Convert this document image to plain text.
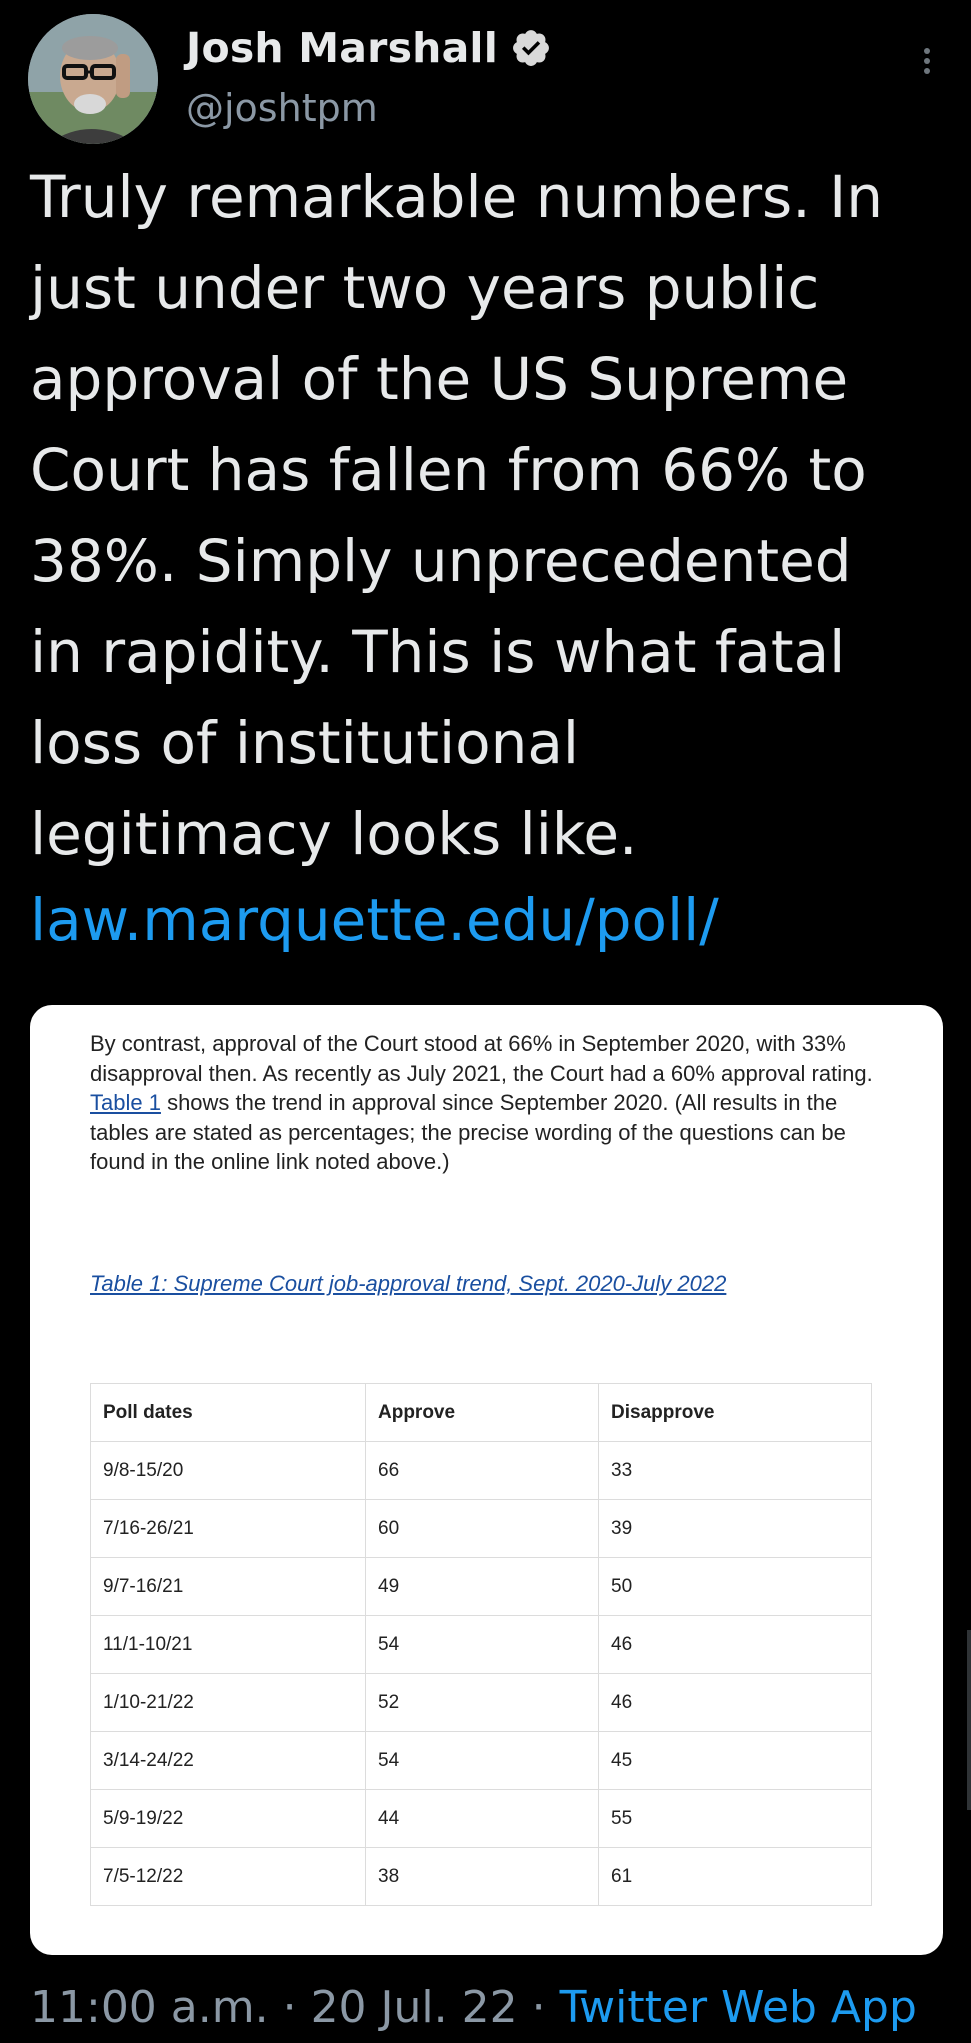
Josh Marshall
@joshtpm
Truly remarkable numbers. In
just under two years public
approval of the US Supreme
Court has fallen from 66% to
38%. Simply unprecedented
in rapidity. This is what fatal
loss of institutional
legitimacy looks like.
law.marquette.edu/poll/
By contrast, approval of the Court stood at 66% in September 2020, with 33% disapproval then. As recently as July 2021, the Court had a 60% approval rating. Table 1 shows the trend in approval since September 2020. (All results in the tables are stated as percentages; the precise wording of the questions can be found in the online link noted above.)
Table 1: Supreme Court job-approval trend, Sept. 2020-July 2022
Poll dates	Approve	Disapprove
9/8-15/20	66	33
7/16-26/21	60	39
9/7-16/21	49	50
11/1-10/21	54	46
1/10-21/22	52	46
3/14-24/22	54	45
5/9-19/22	44	55
7/5-12/22	38	61
11:00 a.m. · 20 Jul. 22 · Twitter Web App
